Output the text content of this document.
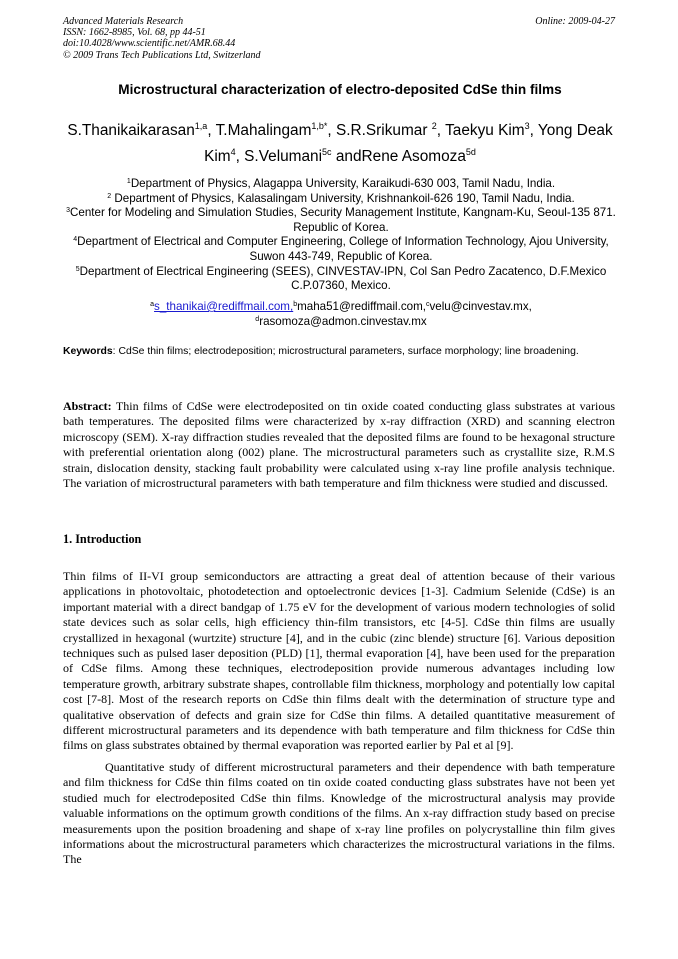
Advanced Materials Research
ISSN: 1662-8985, Vol. 68, pp 44-51
doi:10.4028/www.scientific.net/AMR.68.44
© 2009 Trans Tech Publications Ltd, Switzerland
Online: 2009-04-27
Microstructural characterization of electro-deposited CdSe thin films
S.Thanikaikarasan$^{1,a}$, T.Mahalingam$^{1,b*}$, S.R.Srikumar $^2$, Taekyu Kim$^3$, Yong Deak Kim$^4$, S.Velumani$^{5c}$ andRene Asomoza$^{5d}$
$^1$Department of Physics, Alagappa University, Karaikudi-630 003, Tamil Nadu, India.
$^2$ Department of Physics, Kalasalingam University, Krishnankoil-626 190, Tamil Nadu, India.
$^3$Center for Modeling and Simulation Studies, Security Management Institute, Kangnam-Ku, Seoul-135 871. Republic of Korea.
$^4$Department of Electrical and Computer Engineering, College of Information Technology, Ajou University, Suwon 443-749, Republic of Korea.
$^5$Department of Electrical Engineering (SEES), CINVESTAV-IPN, Col San Pedro Zacatenco, D.F.Mexico C.P.07360, Mexico.
$^a$s_thanikai@rediffmail.com,$^b$maha51@rediffmail.com,$^c$velu@cinvestav.mx,
$^d$rasomoza@admon.cinvestav.mx
Keywords: CdSe thin films; electrodeposition; microstructural parameters, surface morphology; line broadening.
Abstract: Thin films of CdSe were electrodeposited on tin oxide coated conducting glass substrates at various bath temperatures. The deposited films were characterized by x-ray diffraction (XRD) and scanning electron microscopy (SEM). X-ray diffraction studies revealed that the deposited films are found to be hexagonal structure with preferential orientation along (002) plane. The microstructural parameters such as crystallite size, R.M.S strain, dislocation density, stacking fault probability were calculated using x-ray line profile analysis technique. The variation of microstructural parameters with bath temperature and film thickness were studied and discussed.
1. Introduction

Thin films of II-VI group semiconductors are attracting a great deal of attention because of their various applications in photovoltaic, photodetection and optoelectronic devices [1-3]. Cadmium Selenide (CdSe) is an important material with a direct bandgap of 1.75 eV for the development of various modern technologies of solid state devices such as solar cells, high efficiency thin-film transistors, etc [4-5]. CdSe thin films are usually crystallized in hexagonal (wurtzite) structure [4], and in the cubic (zinc blende) structure [6]. Various deposition techniques such as pulsed laser deposition (PLD) [1], thermal evaporation [4], have been used for the preparation of CdSe films. Among these techniques, electrodeposition provide numerous advantages including low temperature growth, arbitrary substrate shapes, controllable film thickness, morphology and potentially low capital cost [7-8]. Most of the research reports on CdSe thin films dealt with the determination of structure type and qualitative observation of defects and grain size for CdSe thin films. A detailed quantitative measurement of different microstructural parameters and its dependence with bath temperature and film thickness for CdSe thin films on glass substrates obtained by thermal evaporation was reported earlier by Pal et al [9].

Quantitative study of different microstructural parameters and their dependence with bath temperature and film thickness for CdSe thin films coated on tin oxide coated conducting glass substrates have not been yet studied much for electrodeposited CdSe thin films. Knowledge of the microstructural analysis may provide valuable informations on the optimum growth conditions of the films. An x-ray diffraction study based on precise measurements upon the position broadening and shape of x-ray line profiles on polycrystalline thin film gives informations about the microstructural parameters which characterizes the microstructural variations in the films. The
